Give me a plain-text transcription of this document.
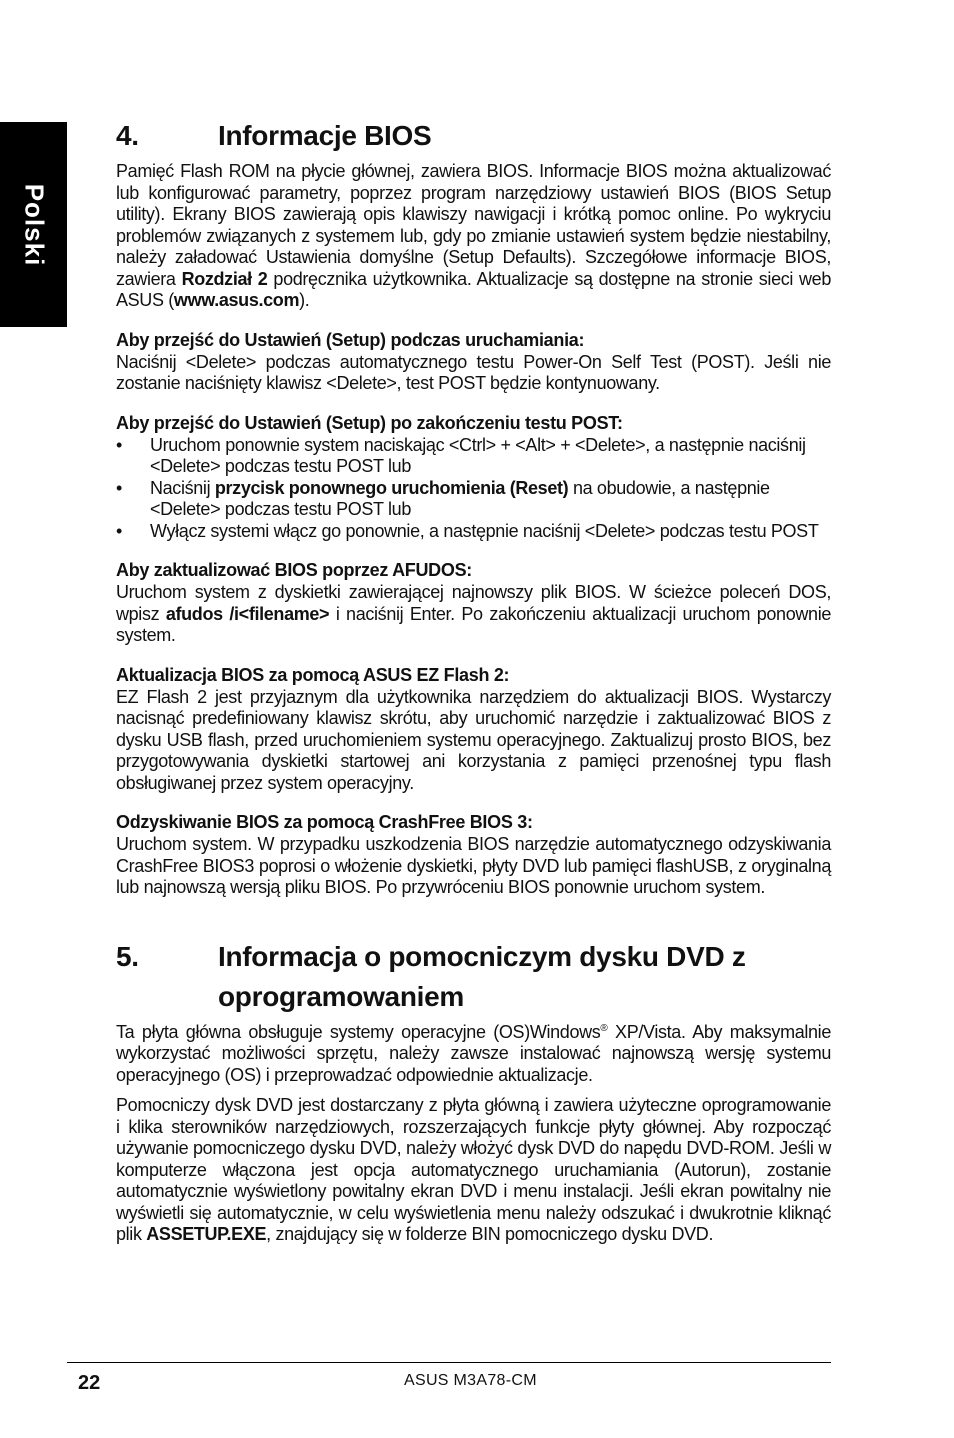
Polski
4.	Informacje BIOS

Pamięć Flash ROM na płycie głównej, zawiera BIOS. Informacje BIOS można aktualizować lub konfigurować parametry, poprzez program narzędziowy ustawień BIOS (BIOS Setup utility). Ekrany BIOS zawierają opis klawiszy nawigacji i krótką pomoc online. Po wykryciu problemów związanych z systemem lub, gdy po zmianie ustawień system będzie niestabilny, należy załadować Ustawienia domyślne (Setup Defaults). Szczegółowe informacje BIOS, zawiera Rozdział 2 podręcznika użytkownika. Aktualizacje są dostępne na stronie sieci web ASUS (www.asus.com).

Aby przejść do Ustawień (Setup) podczas uruchamiania:

Naciśnij <Delete> podczas automatycznego testu Power-On Self Test (POST). Jeśli nie zostanie naciśnięty klawisz <Delete>, test POST będzie kontynuowany.

Aby przejść do Ustawień (Setup) po zakończeniu testu POST:
• Uruchom ponownie system naciskając <Ctrl> + <Alt> + <Delete>, a następnie naciśnij <Delete> podczas testu POST lub
• Naciśnij przycisk ponownego uruchomienia (Reset) na obudowie, a następnie <Delete> podczas testu POST lub
• Wyłącz systemi włącz go ponownie, a następnie naciśnij <Delete> podczas testu POST
Aby zaktualizować BIOS poprzez AFUDOS:

Uruchom system z dyskietki zawierającej najnowszy plik BIOS. W ścieżce poleceń DOS, wpisz afudos /i<filename> i naciśnij Enter. Po zakończeniu aktualizacji uruchom ponownie system.

Aktualizacja BIOS za pomocą ASUS EZ Flash 2:

EZ Flash 2 jest przyjaznym dla użytkownika narzędziem do aktualizacji BIOS. Wystarczy nacisnąć predefiniowany klawisz skrótu, aby uruchomić narzędzie i zaktualizować BIOS z dysku USB flash, przed uruchomieniem systemu operacyjnego. Zaktualizuj prosto BIOS, bez przygotowywania dyskietki startowej ani korzystania z pamięci przenośnej typu flash obsługiwanej przez system operacyjny.

Odzyskiwanie BIOS za pomocą CrashFree BIOS 3:

Uruchom system. W przypadku uszkodzenia BIOS narzędzie automatycznego odzyskiwania CrashFree BIOS3 poprosi o włożenie dyskietki, płyty DVD lub pamięci flashUSB, z oryginalną lub najnowszą wersją pliku BIOS. Po przywróceniu BIOS ponownie uruchom system.

5.	Informacja o pomocniczym dysku DVD z oprogramowaniem

Ta płyta główna obsługuje systemy operacyjne (OS)Windows® XP/Vista. Aby maksymalnie wykorzystać możliwości sprzętu, należy zawsze instalować najnowszą wersję systemu operacyjnego (OS) i przeprowadzać odpowiednie aktualizacje.

Pomocniczy dysk DVD jest dostarczany z płyta główną i zawiera użyteczne oprogramowanie i klika sterowników narzędziowych, rozszerzających funkcje płyty głównej. Aby rozpocząć używanie pomocniczego dysku DVD, należy włożyć dysk DVD do napędu DVD-ROM. Jeśli w komputerze włączona jest opcja automatycznego uruchamiania (Autorun), zostanie automatycznie wyświetlony powitalny ekran DVD i menu instalacji. Jeśli ekran powitalny nie wyświetli się automatycznie, w celu wyświetlenia menu należy odszukać i dwukrotnie kliknąć plik ASSETUP.EXE, znajdujący się w folderze BIN pomocniczego dysku DVD.

22	ASUS M3A78-CM
